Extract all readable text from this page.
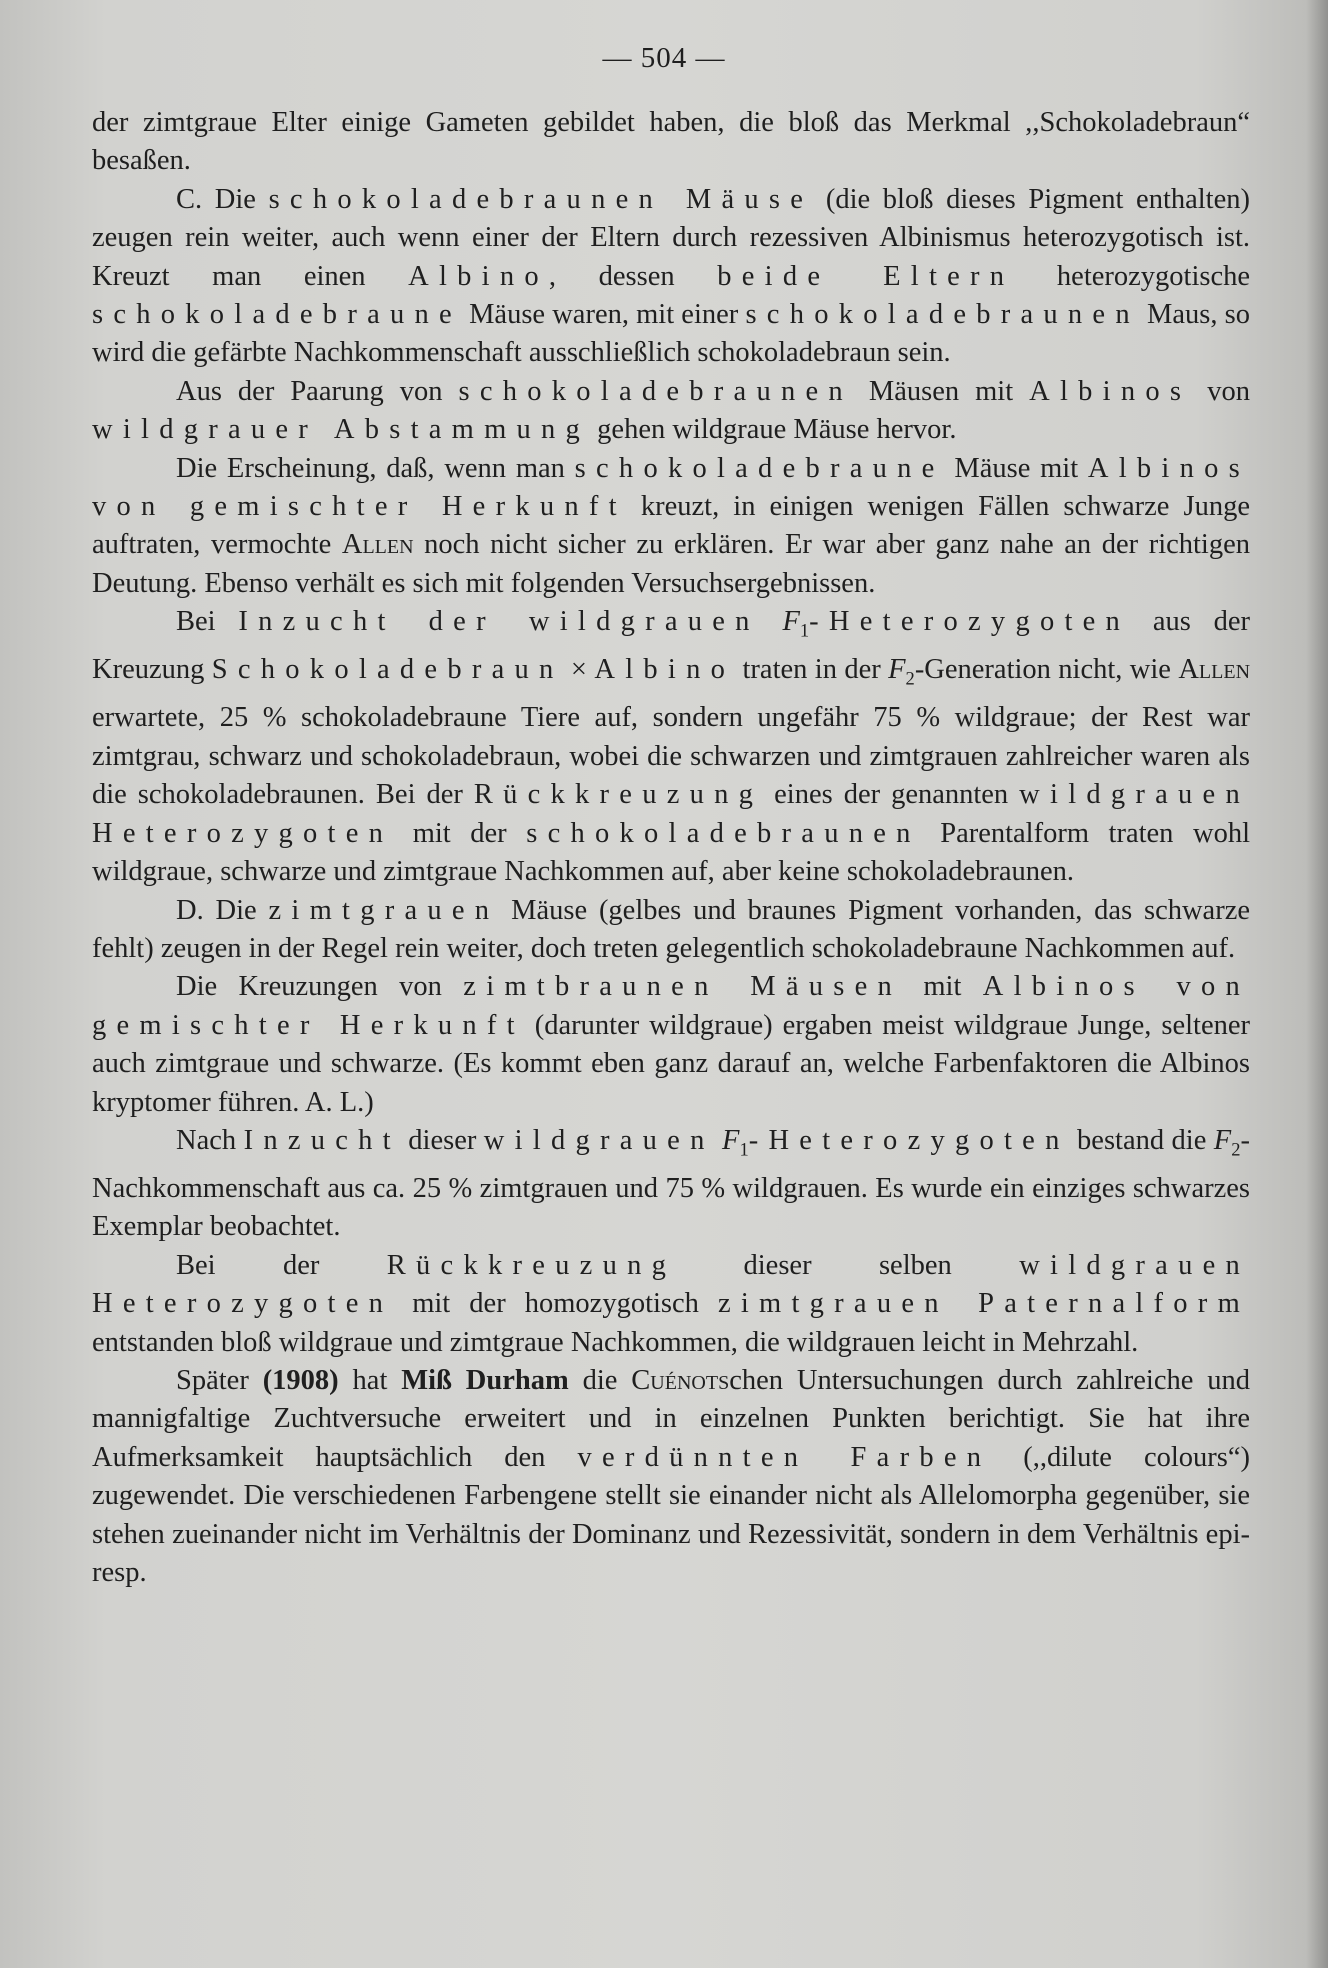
— 504 —

der zimtgraue Elter einige Gameten gebildet haben, die bloß das Merkmal ,,Schokoladebraun“ besaßen.

C. Die schokoladebraunen Mäuse (die bloß dieses Pigment enthalten) zeugen rein weiter, auch wenn einer der Eltern durch rezessiven Albinismus heterozygotisch ist. Kreuzt man einen Albino, dessen beide Eltern heterozygotische schokoladebraune Mäuse waren, mit einer schokoladebraunen Maus, so wird die gefärbte Nachkommenschaft ausschließlich schokoladebraun sein.

Aus der Paarung von schokoladebraunen Mäusen mit Albinos von wildgrauer Abstammung gehen wildgraue Mäuse hervor.

Die Erscheinung, daß, wenn man schokoladebraune Mäuse mit Albinos von gemischter Herkunft kreuzt, in einigen wenigen Fällen schwarze Junge auftraten, vermochte Allen noch nicht sicher zu erklären. Er war aber ganz nahe an der richtigen Deutung. Ebenso verhält es sich mit folgenden Versuchsergebnissen.

Bei Inzucht der wildgrauen $F_1$-Heterozygoten aus der Kreuzung Schokoladebraun × Albino traten in der $F_2$-Generation nicht, wie Allen erwartete, 25 % schokoladebraune Tiere auf, sondern ungefähr 75 % wildgraue; der Rest war zimtgrau, schwarz und schokoladebraun, wobei die schwarzen und zimtgrauen zahlreicher waren als die schokoladebraunen. Bei der Rückkreuzung eines der genannten wildgrauen Heterozygoten mit der schokoladebraunen Parentalform traten wohl wildgraue, schwarze und zimtgraue Nachkommen auf, aber keine schokoladebraunen.

D. Die zimtgrauen Mäuse (gelbes und braunes Pigment vorhanden, das schwarze fehlt) zeugen in der Regel rein weiter, doch treten gelegentlich schokoladebraune Nachkommen auf.

Die Kreuzungen von zimtbraunen Mäusen mit Albinos von gemischter Herkunft (darunter wildgraue) ergaben meist wildgraue Junge, seltener auch zimtgraue und schwarze. (Es kommt eben ganz darauf an, welche Farbenfaktoren die Albinos kryptomer führen. A. L.)

Nach Inzucht dieser wildgrauen $F_1$-Heterozygoten bestand die $F_2$-Nachkommenschaft aus ca. 25 % zimtgrauen und 75 % wildgrauen. Es wurde ein einziges schwarzes Exemplar beobachtet.

Bei der Rückkreuzung dieser selben wildgrauen Heterozygoten mit der homozygotisch zimtgrauen Paternalform entstanden bloß wildgraue und zimtgraue Nachkommen, die wildgrauen leicht in Mehrzahl.

Später (1908) hat Miß Durham die Cuénotschen Untersuchungen durch zahlreiche und mannigfaltige Zuchtversuche erweitert und in einzelnen Punkten berichtigt. Sie hat ihre Aufmerksamkeit hauptsächlich den verdünnten Farben (,,dilute colours“) zugewendet. Die verschiedenen Farbengene stellt sie einander nicht als Allelomorpha gegenüber, sie stehen zueinander nicht im Verhältnis der Dominanz und Rezessivität, sondern in dem Verhältnis epi- resp.
